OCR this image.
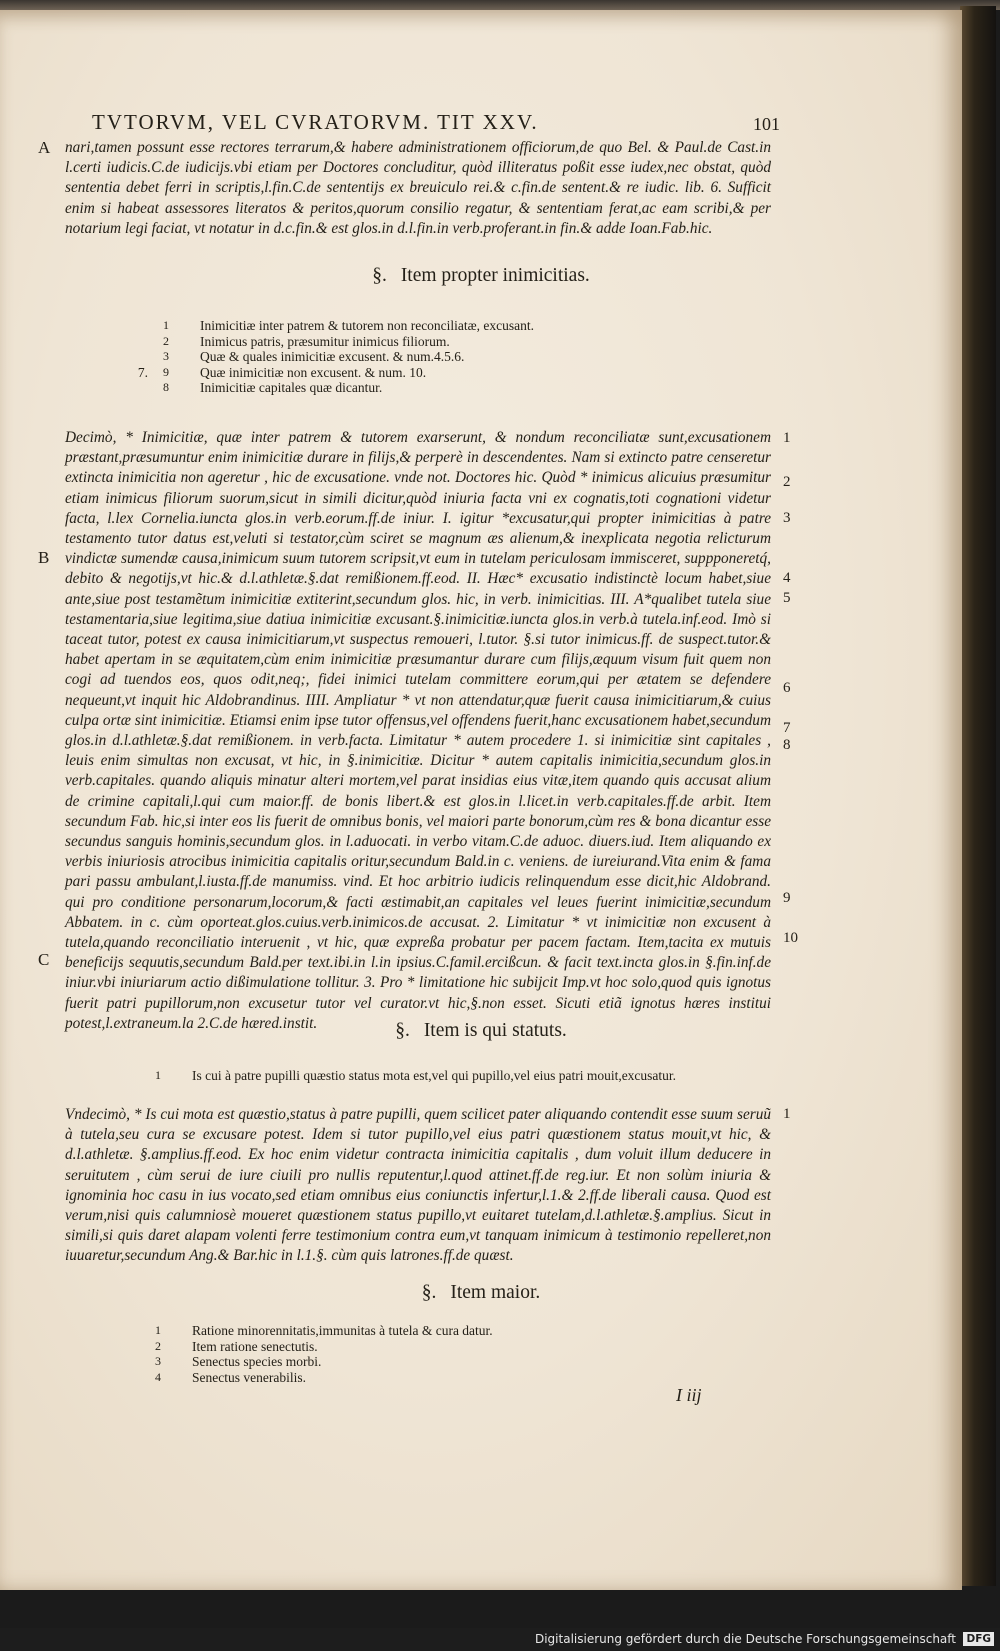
TVTORVM, VEL CVRATORVM. TIT XXV.	101
A nari,tamen possunt esse rectores terrarum,& habere administrationem officiorum,de quo Bel. & Paul.de Cast.in l.certi iudicis.C.de iudicijs.vbi etiam per Doctores concluditur, quòd illiteratus poßit esse iudex,nec obstat, quòd sententia debet ferri in scriptis,l.fin.C.de sententijs ex breuiculo rei.& c.fin.de sentent.& re iudic. lib. 6. Sufficit enim si habeat assessores literatos & peritos,quorum consilio regatur, & sententiam ferat,ac eam scribi,& per notarium legi faciat, vt notatur in d.c.fin.& est glos.in d.l.fin.in verb.proferant.in fin.& adde Ioan.Fab.hic.
§. Item propter inimicitias.
1	Inimicitiæ inter patrem & tutorem non reconciliatæ, excusant.
2	Inimicus patris, præsumitur inimicus filiorum.
3	Quæ & quales inimicitiæ excusent. & num.4.5.6.
7.	9	Quæ inimicitiæ non excusent. & num. 10.
8	Inimicitiæ capitales quæ dicantur.
Decimò, * Inimicitiæ, quæ inter patrem & tutorem exarserunt, & nondum reconciliatæ sunt,excusationem præstant,præsumuntur enim inimicitiæ durare in filijs,& perperè in descendentes. Nam si extincto patre censeretur extincta inimicitia non ageretur , hic de excusatione. vnde not. Doctores hic. Quòd * inimicus alicuius præsumitur etiam inimicus filiorum suorum,sicut in simili dicitur,quòd iniuria facta vni ex cognatis,toti cognationi videtur facta, l.lex Cornelia.iuncta glos.in verb.eorum.ff.de iniur. I. igitur *excusatur,qui propter inimicitias à patre testamento tutor datus est,veluti si testator,cùm sciret se magnum æs alienum,& inexplicata negotia relicturum vindictæ sumendæ causa,inimicum suum tutorem scripsit,vt eum in tutelam periculosam immisceret, suppponeretq́, debito & negotijs,vt hic.& d.l.athletæ.§.dat remißionem.ff.eod. II. Hæc* excusatio indistinctè locum habet,siue ante,siue post testamẽtum inimicitiæ extiterint,secundum glos. hic, in verb. inimicitias. III. A*qualibet tutela siue testamentaria,siue legitima,siue datiua inimicitiæ excusant.§.inimicitiæ.iuncta glos.in verb.à tutela.inf.eod. Imò si taceat tutor, potest ex causa inimicitiarum,vt suspectus remoueri, l.tutor. §.si tutor inimicus.ff. de suspect.tutor.& habet apertam in se æquitatem,cùm enim inimicitiæ præsumantur durare cum filijs,æquum visum fuit quem non cogi ad tuendos eos, quos odit,neq;, fidei inimici tutelam committere eorum,qui per ætatem se defendere nequeunt,vt inquit hic Aldobrandinus. IIII. Ampliatur * vt non attendatur,quæ fuerit causa inimicitiarum,& cuius culpa ortæ sint inimicitiæ. Etiamsi enim ipse tutor offensus,vel offendens fuerit,hanc excusationem habet,secundum glos.in d.l.athletæ.§.dat remißionem. in verb.facta. Limitatur * autem procedere 1. si inimicitiæ sint capitales , leuis enim simultas non excusat, vt hic, in §.inimicitiæ. Dicitur * autem capitalis inimicitia,secundum glos.in verb.capitales. quando aliquis minatur alteri mortem,vel parat insidias eius vitæ,item quando quis accusat alium de crimine capitali,l.qui cum maior.ff. de bonis libert.& est glos.in l.licet.in verb.capitales.ff.de arbit. Item secundum Fab. hic,si inter eos lis fuerit de omnibus bonis, vel maiori parte bonorum,cùm res & bona dicantur esse secundus sanguis hominis,secundum glos. in l.aduocati. in verbo vitam.C.de aduoc. diuers.iud. Item aliquando ex verbis iniuriosis atrocibus inimicitia capitalis oritur,secundum Bald.in c. veniens. de iureiurand.Vita enim & fama pari passu ambulant,l.iusta.ff.de manumiss. vind. Et hoc arbitrio iudicis relinquendum esse dicit,hic Aldobrand. qui pro conditione personarum,locorum,& facti æstimabit,an capitales vel leues fuerint inimicitiæ,secundum Abbatem. in c. cùm oporteat.glos.cuius.verb.inimicos.de accusat. 2. Limitatur * vt inimicitiæ non excusent à tutela,quando reconciliatio interuenit , vt hic, quæ expreßa probatur per pacem factam. Item,tacita ex mutuis beneficijs sequutis,secundum Bald.per text.ibi.in l.in ipsius.C.famil.ercißcun. & facit text.incta glos.in §.fin.inf.de iniur.vbi iniuriarum actio dißimulatione tollitur. 3. Pro * limitatione hic subijcit Imp.vt hoc solo,quod quis ignotus fuerit patri pupillorum,non excusetur tutor vel curator.vt hic,§.non esset. Sicuti etiã ignotus hæres institui potest,l.extraneum.la 2.C.de hæred.instit.
B
C
1
2
3
4
5
6
7
8
9
10
§. Item is qui statuts.
1	Is cui à patre pupilli quæstio status mota est,vel qui pupillo,vel eius patri mouit,excusatur.
Vndecimò, * Is cui mota est quæstio,status à patre pupilli, quem scilicet pater aliquando contendit esse suum seruũ à tutela,seu cura se excusare potest. Idem si tutor pupillo,vel eius patri quæstionem status mouit,vt hic, & d.l.athletæ. §.amplius.ff.eod. Ex hoc enim videtur contracta inimicitia capitalis , dum voluit illum deducere in seruitutem , cùm serui de iure ciuili pro nullis reputentur,l.quod attinet.ff.de reg.iur. Et non solùm iniuria & ignominia hoc casu in ius vocato,sed etiam omnibus eius coniunctis infertur,l.1.& 2.ff.de liberali causa. Quod est verum,nisi quis calumniosè moueret quæstionem status pupillo,vt euitaret tutelam,d.l.athletæ.§.amplius. Sicut in simili,si quis daret alapam volenti ferre testimonium contra eum,vt tanquam inimicum à testimonio repelleret,non iuuaretur,secundum Ang.& Bar.hic in l.1.§. cùm quis latrones.ff.de quæst.
1
§. Item maior.
1	Ratione minorennitatis,immunitas à tutela & cura datur.
2	Item ratione senectutis.
3	Senectus species morbi.
4	Senectus venerabilis.
I iij
Digitalisierung gefördert durch die Deutsche Forschungsgemeinschaft DFG
